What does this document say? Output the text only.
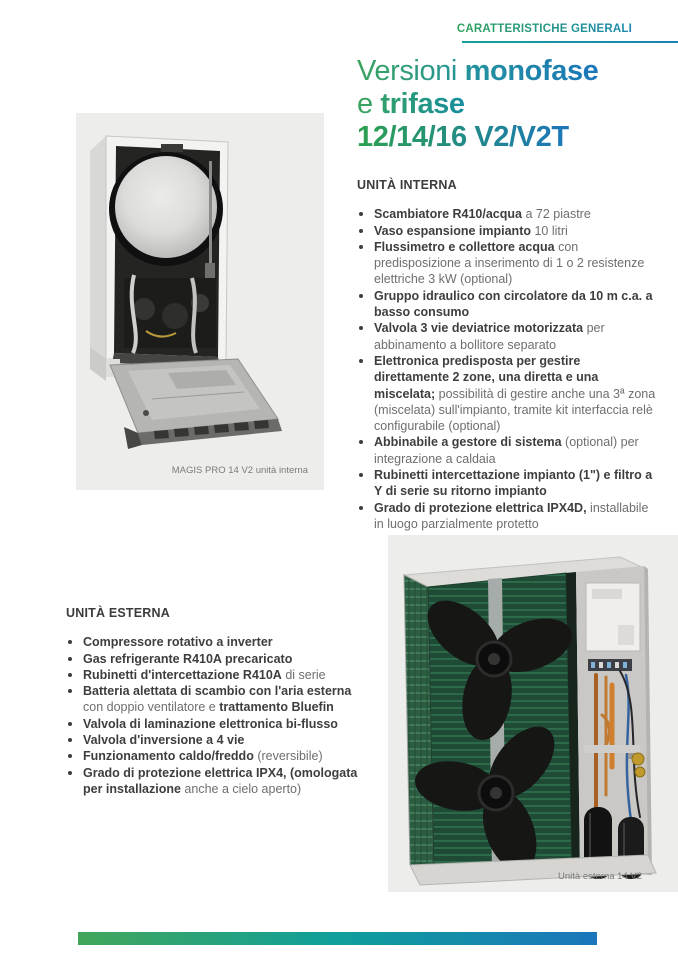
CARATTERISTICHE GENERALI
Versioni monofase
e trifase
12/14/16 V2/V2T
MAGIS PRO 14 V2 unità interna
UNITÀ INTERNA
Scambiatore R410/acqua a 72 piastre
Vaso espansione impianto 10 litri
Flussimetro e collettore acqua con predisposizione a inserimento di 1 o 2 resistenze elettriche 3 kW (optional)
Gruppo idraulico con circolatore da 10 m c.a. a basso consumo
Valvola 3 vie deviatrice motorizzata per abbinamento a bollitore separato
Elettronica predisposta per gestire direttamente 2 zone, una diretta e una miscelata; possibilità di gestire anche una 3ª zona (miscelata) sull'impianto, tramite kit interfaccia relè configurabile (optional)
Abbinabile a gestore di sistema (optional) per integrazione a caldaia
Rubinetti intercettazione impianto (1") e filtro a Y di serie su ritorno impianto
Grado di protezione elettrica IPX4D, installabile in luogo parzialmente protetto
UNITÀ ESTERNA
Compressore rotativo a inverter
Gas refrigerante R410A precaricato
Rubinetti d'intercettazione R410A di serie
Batteria alettata di scambio con l'aria esterna con doppio ventilatore e trattamento Bluefin
Valvola di laminazione elettronica bi-flusso
Valvola d'inversione a 4 vie
Funzionamento caldo/freddo (reversibile)
Grado di protezione elettrica IPX4, (omologata per installazione anche a cielo aperto)
Unità esterna 14 V2
